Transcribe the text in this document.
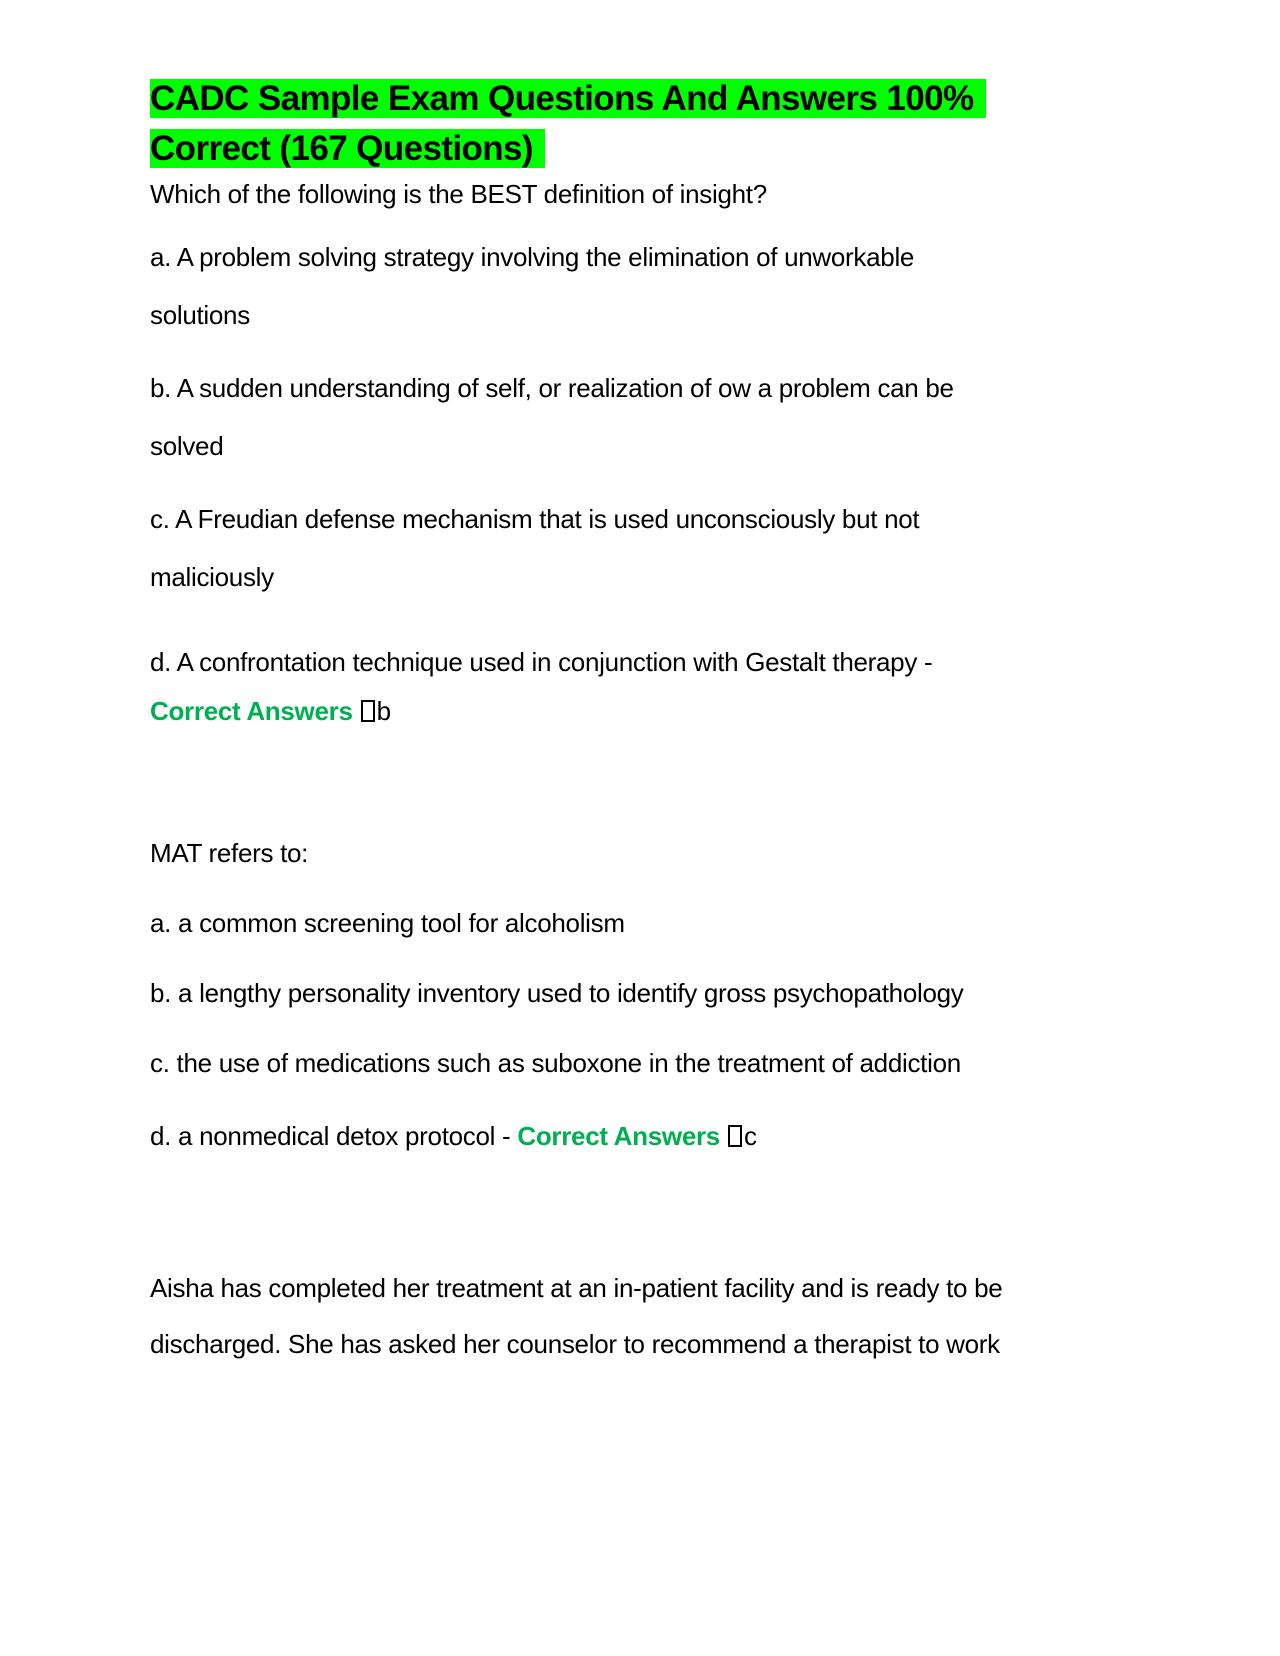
CADC Sample Exam Questions And Answers 100%
Correct (167 Questions)

Which of the following is the BEST definition of insight?

a. A problem solving strategy involving the elimination of unworkable
solutions

b. A sudden understanding of self, or realization of ow a problem can be
solved

c. A Freudian defense mechanism that is used unconsciously but not
maliciously

d. A confrontation technique used in conjunction with Gestalt therapy -

Correct Answers b

MAT refers to:

a. a common screening tool for alcoholism

b. a lengthy personality inventory used to identify gross psychopathology

c. the use of medications such as suboxone in the treatment of addiction

d. a nonmedical detox protocol - Correct Answers c

Aisha has completed her treatment at an in-patient facility and is ready to be
discharged. She has asked her counselor to recommend a therapist to work
